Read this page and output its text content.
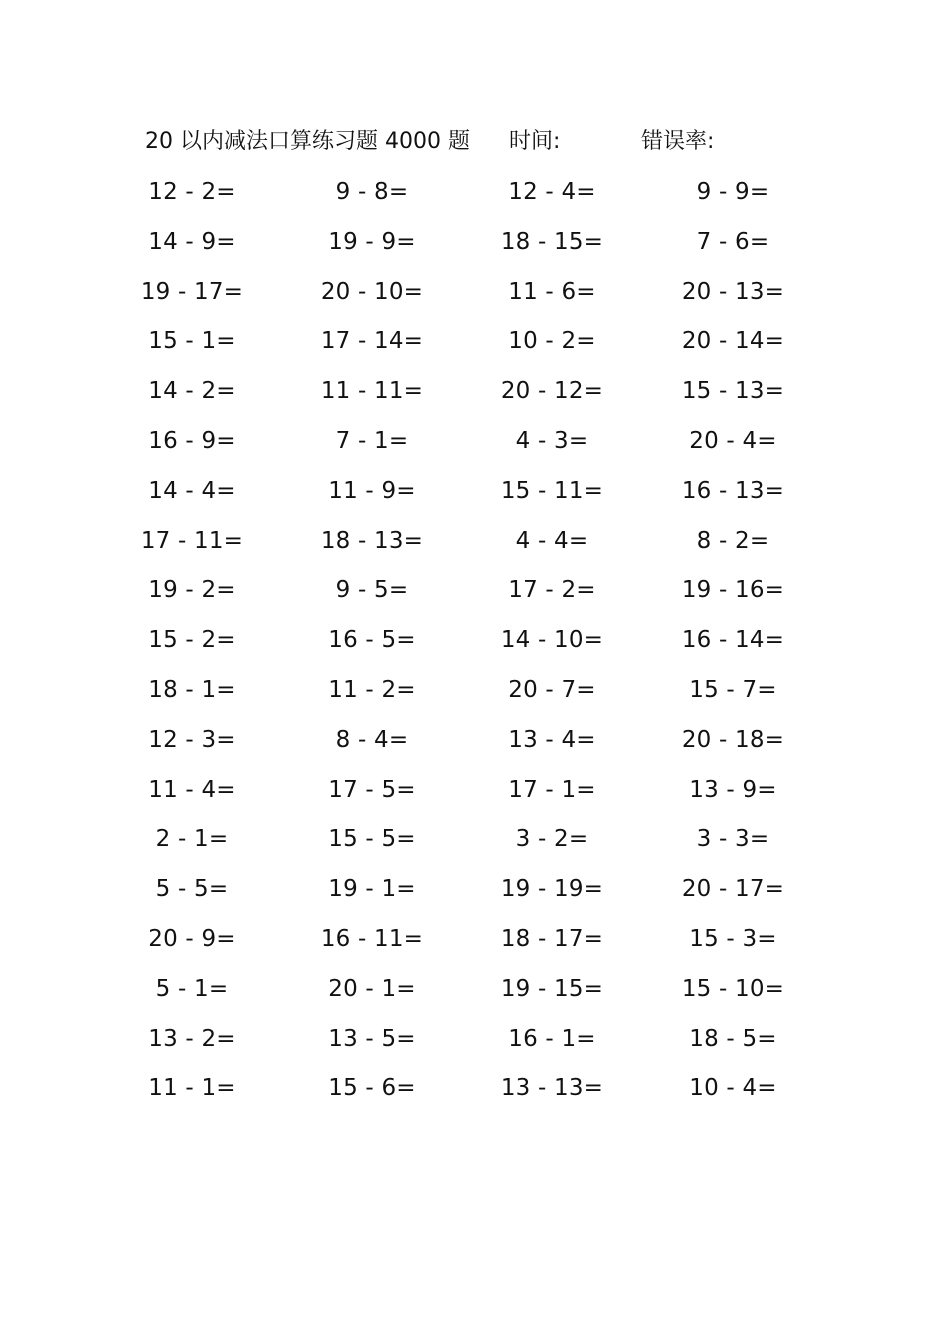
20 以内减法口算练习题 4000 题 时间:	错误率:
12 - 2=	9 - 8=	12 - 4=	9 - 9=
14 - 9=	19 - 9=	18 - 15=	7 - 6=
19 - 17=	20 - 10=	11 - 6=	20 - 13=
15 - 1=	17 - 14=	10 - 2=	20 - 14=
14 - 2=	11 - 11=	20 - 12=	15 - 13=
16 - 9=	7 - 1=	4 - 3=	20 - 4=
14 - 4=	11 - 9=	15 - 11=	16 - 13=
17 - 11=	18 - 13=	4 - 4=	8 - 2=
19 - 2=	9 - 5=	17 - 2=	19 - 16=
15 - 2=	16 - 5=	14 - 10=	16 - 14=
18 - 1=	11 - 2=	20 - 7=	15 - 7=
12 - 3=	8 - 4=	13 - 4=	20 - 18=
11 - 4=	17 - 5=	17 - 1=	13 - 9=
2 - 1=	15 - 5=	3 - 2=	3 - 3=
5 - 5=	19 - 1=	19 - 19=	20 - 17=
20 - 9=	16 - 11=	18 - 17=	15 - 3=
5 - 1=	20 - 1=	19 - 15=	15 - 10=
13 - 2=	13 - 5=	16 - 1=	18 - 5=
11 - 1=	15 - 6=	13 - 13=	10 - 4=
